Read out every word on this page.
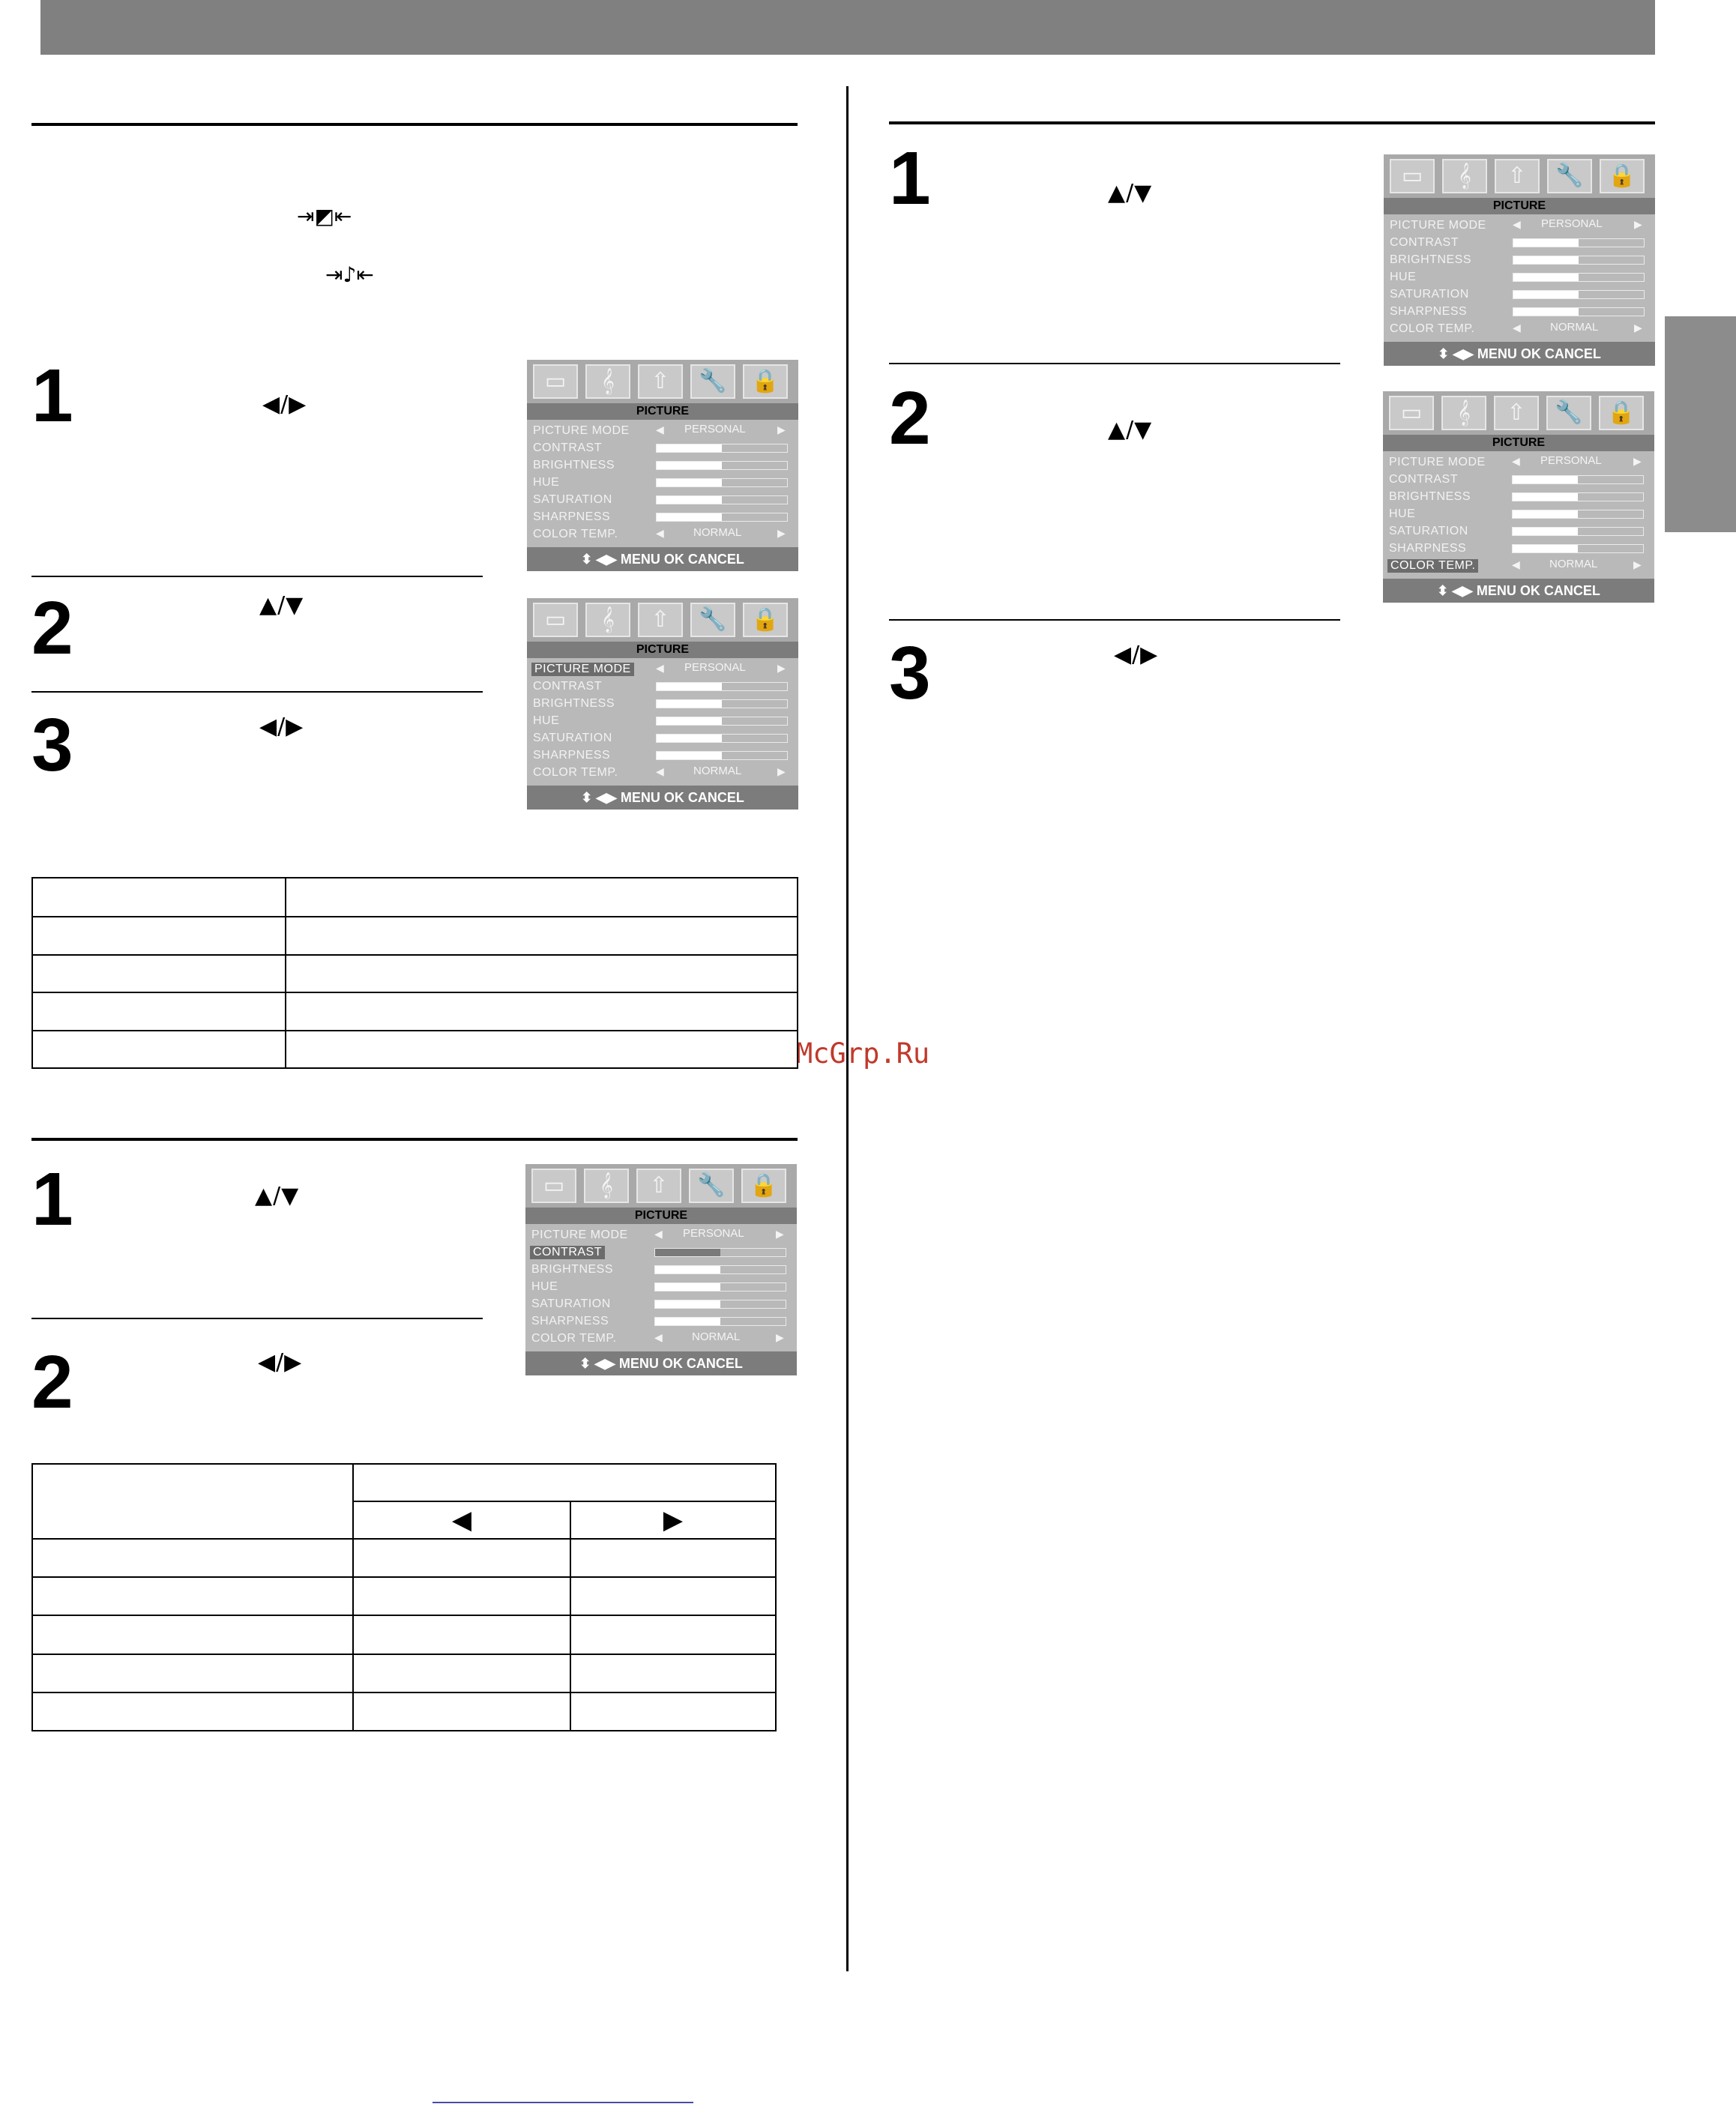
McGrp.Ru
⇥◩⇤
⇥♪⇤
1	◀/▶
2	▲/▼
3	◀/▶
▭	𝄞	⇧	🔧	🔒
PICTURE
PICTURE MODE
CONTRAST
BRIGHTNESS
HUE
SATURATION
SHARPNESS
COLOR TEMP.
◀ PERSONAL	▶
◀	NORMAL	▶
⬍ ◀▶ MENU OK CANCEL
▭	𝄞	⇧	🔧	🔒
PICTURE
PICTURE MODE
CONTRAST
BRIGHTNESS
HUE
SATURATION
SHARPNESS
COLOR TEMP.
◀ PERSONAL	▶
◀	NORMAL	▶
⬍ ◀▶ MENU OK CANCEL

1	▲/▼
2	◀/▶
▭	𝄞	⇧	🔧	🔒
PICTURE
PICTURE MODE
CONTRAST
BRIGHTNESS
HUE
SATURATION
SHARPNESS
COLOR TEMP.
◀ PERSONAL	▶
◀	NORMAL	▶
⬍ ◀▶ MENU OK CANCEL

	◀	▶

1	▲/▼
2	▲/▼
3	◀/▶
▭	𝄞	⇧	🔧	🔒
PICTURE
PICTURE MODE
CONTRAST
BRIGHTNESS
HUE
SATURATION
SHARPNESS
COLOR TEMP.
◀ PERSONAL	▶
◀	NORMAL	▶
⬍ ◀▶ MENU OK CANCEL
▭	𝄞	⇧	🔧	🔒
PICTURE
PICTURE MODE
CONTRAST
BRIGHTNESS
HUE
SATURATION
SHARPNESS
COLOR TEMP.
◀ PERSONAL	▶
◀	NORMAL	▶
⬍ ◀▶ MENU OK CANCEL
